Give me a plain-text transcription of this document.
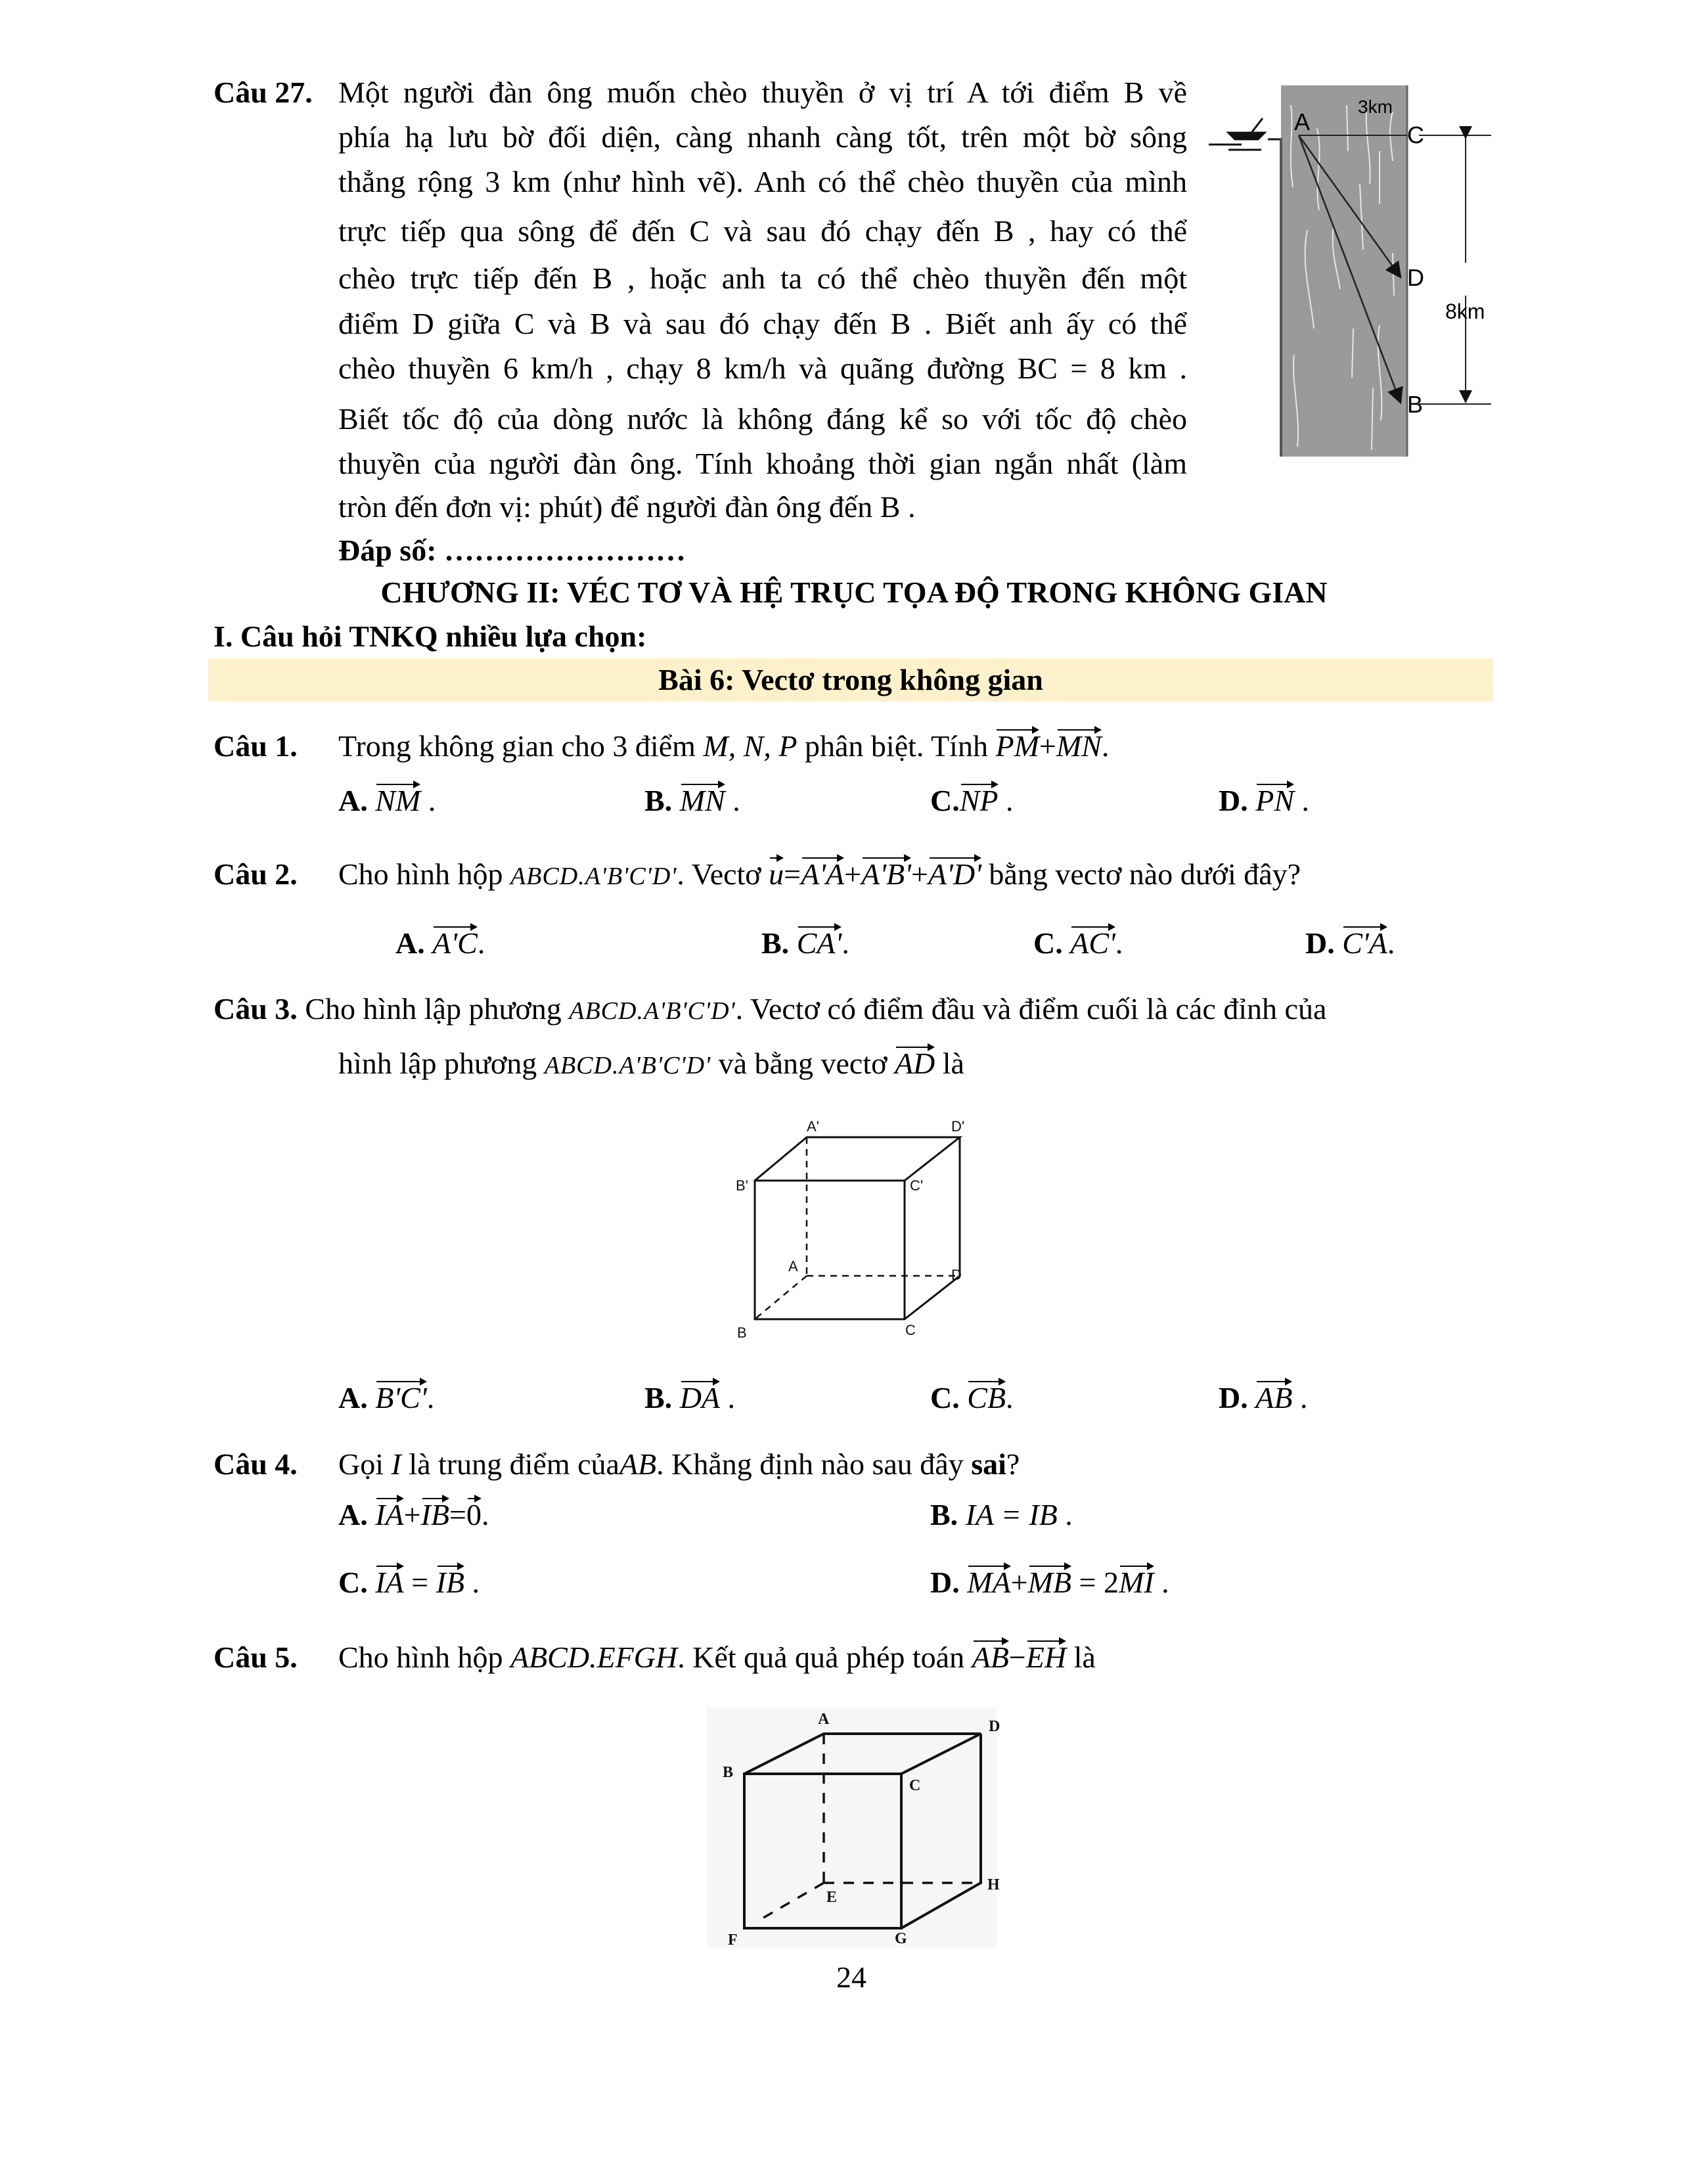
Câu 27. Một người đàn ông muốn chèo thuyền ở vị trí A tới điểm B về
phía hạ lưu bờ đối diện, càng nhanh càng tốt, trên một bờ sông
thẳng rộng 3 km (như hình vẽ). Anh có thể chèo thuyền của mình
trực tiếp qua sông để đến C và sau đó chạy đến B , hay có thể
chèo trực tiếp đến B , hoặc anh ta có thể chèo thuyền đến một
điểm D giữa C và B và sau đó chạy đến B . Biết anh ấy có thể
chèo thuyền 6 km/h , chạy 8 km/h và quãng đường BC = 8 km .
Biết tốc độ của dòng nước là không đáng kể so với tốc độ chèo
thuyền của người đàn ông. Tính khoảng thời gian ngắn nhất (làm
tròn đến đơn vị: phút) để người đàn ông đến B .
Đáp số: ……………………
A
3km
C
D
B
8km
CHƯƠNG II: VÉC TƠ VÀ HỆ TRỤC TỌA ĐỘ TRONG KHÔNG GIAN
I. Câu hỏi TNKQ nhiều lựa chọn:
Bài 6: Vectơ trong không gian
Câu 1. Trong không gian cho 3 điểm M, N, P phân biệt. Tính PM+MN.
A. NM .	B. MN .	C.NP .	D. PN .
Câu 2. Cho hình hộp ABCD.A'B'C'D'. Vectơ u=A'A+A'B'+A'D' bằng vectơ nào dưới đây?
A. A'C.	B. CA'.	C. AC'.	D. C'A.
Câu 3. Cho hình lập phương ABCD.A'B'C'D'. Vectơ có điểm đầu và điểm cuối là các đỉnh của
hình lập phương ABCD.A'B'C'D' và bằng vectơ AD là
A'	D'
B'	C'
A
D
B	C
A. B'C'.	B. DA .	C. CB.	D. AB .
Câu 4. Gọi I là trung điểm củaAB. Khẳng định nào sau đây sai?
A. IA+IB=0.	B. IA = IB .
C. IA = IB .	D. MA+MB = 2MI .
Câu 5. Cho hình hộp ABCD.EFGH. Kết quả quả phép toán AB−EH là
A	D
B
C
E
H
F	G
24
